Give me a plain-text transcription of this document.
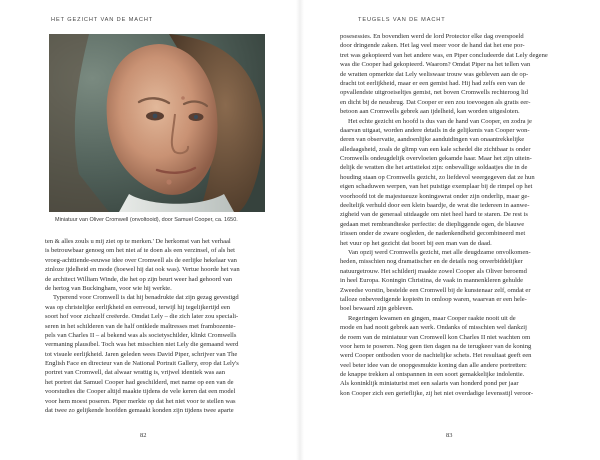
HET GEZICHT VAN DE MACHT
Miniatuur van Oliver Cromwell (onvoltooid), door Samuel Cooper, ca. 1650.
ten & alles zouls u mij ziet op te merken.' De herkomst van het verhaal
is betrouwbaar genoeg om het niet af te doen als een verzinsel, of als het
vroeg-achttiende-eeuwse idee over Cromwell als de eerlijke hekelaar van
zinloze ijdelheid en mode (hoewel hij dat ook was). Vertue hoorde het van
de architect William Winde, die het op zijn beurt weer had gehoord van
de hertog van Buckingham, voor wie hij werkte.
Typerend voor Cromwell is dat hij benadrukte dat zijn gezag gevestigd
was op christelijke eerlijkheid en eenvoud, terwijl hij tegelijkertijd een
soort hof voor zichzelf creëerde. Omdat Lely – die zich later zou speciali-
seren in het schilderen van de half ontklede maîtresses met frambozente-
pels van Charles II – al bekend was als societyschilder, klinkt Cromwells
vermaning plausibel. Toch was het misschien niet Lely die gemaand werd
tot visuele eerlijkheid. Jaren geleden wees David Piper, schrijver van The
English Face en directeur van de National Portrait Gallery, erop dat Lely's
portret van Cromwell, dat alwaar wrattig is, vrijwel identiek was aan
het portret dat Samuel Cooper had geschilderd, met name op een van de
voorstudies die Cooper altijd maakte tijdens de vele keren dat een model
voor hem moest poseren. Piper merkte op dat het niet voor te stellen was
dat twee zo gelijkende hoofden gemaakt konden zijn tijdens twee aparte
82
TEUGELS VAN DE MACHT
posesessies. En bovendien werd de lord Protector elke dag overspoeld
door dringende zaken. Het lag veel meer voor de hand dat het ene por-
tret was gekopieerd van het andere was, en Piper concludeerde dat Lely degene
was die Cooper had gekopieerd. Waarom? Omdat Piper na het tellen van
de wratten opmerkte dat Lely weliswaar trouw was gebleven aan de op-
dracht tot eerlijkheid, maar er een gemist had. Hij had zelfs een van de
opvallendste uitgroeiseltjes gemist, net boven Cromwells rechteroog lid
en dicht bij de neusbrug. Dat Cooper er een zou toevoegen als gratis eer-
betoon aan Cromwells gebrek aan ijdelheid, kan worden uitgesloten.
Het echte gezicht en hoofd is dus van de hand van Cooper, en zodra je
daarvan uitgaat, worden andere details in de gelijkenis van Cooper won-
deren van observatie, aandoenlijke aanduidingen van onaantrekkelijke
alledaagsheid, zoals de glimp van een kale schedel die zichtbaar is onder
Cromwells ondeugdelijk overvloeien gekamde haar. Maar het zijn uitein-
delijk de wratten die het artistiekst zijn: onbevallige soldaatjes die in de
houding staan op Cromwells gezicht, zo liefdevol weergegeven dat ze hun
eigen schaduwen werpen, van het puistige exemplaar bij de rimpel op het
voorhoofd tot de majestueuze koningswrat onder zijn onderlip, maar ge-
deeltelijk verhuld door een klein baardje, de wrat die iedereen in aanwe-
zigheid van de generaal uitdaagde om niet heel hard te staren. De rest is
gedaan met rembrandteske perfectie: de diepliggende ogen, de blauwe
irissen onder de zware oogleden, de nadenkendheid gecombineerd met
het vuur op het gezicht dat boort bij een man van de daad.
Van opzij werd Cromwells gezicht, met alle deugdzame onvolkomen-
heden, misschien nog dramatischer en de details nog onverbiddelijker
natuurgetrouw. Het schilderij maakte zowel Cooper als Oliver beroemd
in heel Europa. Koningin Christina, de vaak in mannenkleren gehulde
Zweedse vorstin, bestelde een Cromwell bij de kunstenaar zelf, omdat er
talloze onbevredigende kopieën in omloop waren, waarvan er een hele-
boel bewaard zijn gebleven.
Regeringen kwamen en gingen, maar Cooper raakte nooit uit de
mode en had nooit gebrek aan werk. Ondanks of misschien wel dankzij
de roem van de miniatuur van Cromwell kon Charles II niet wachten om
voor hem te poseren. Nog geen tien dagen na de terugkeer van de koning
werd Cooper ontboden voor de nachtelijke schets. Het resultaat geeft een
veel beter idee van de onopgesmukte koning dan alle andere portretten:
de knappe trekken al ontspannen in een soort gemakkelijke indolentie.
Als koninklijk miniaturist met een salaris van honderd pond per jaar
kon Cooper zich een gerieflijke, zij het niet overdadige levensstijl veroor-
83
